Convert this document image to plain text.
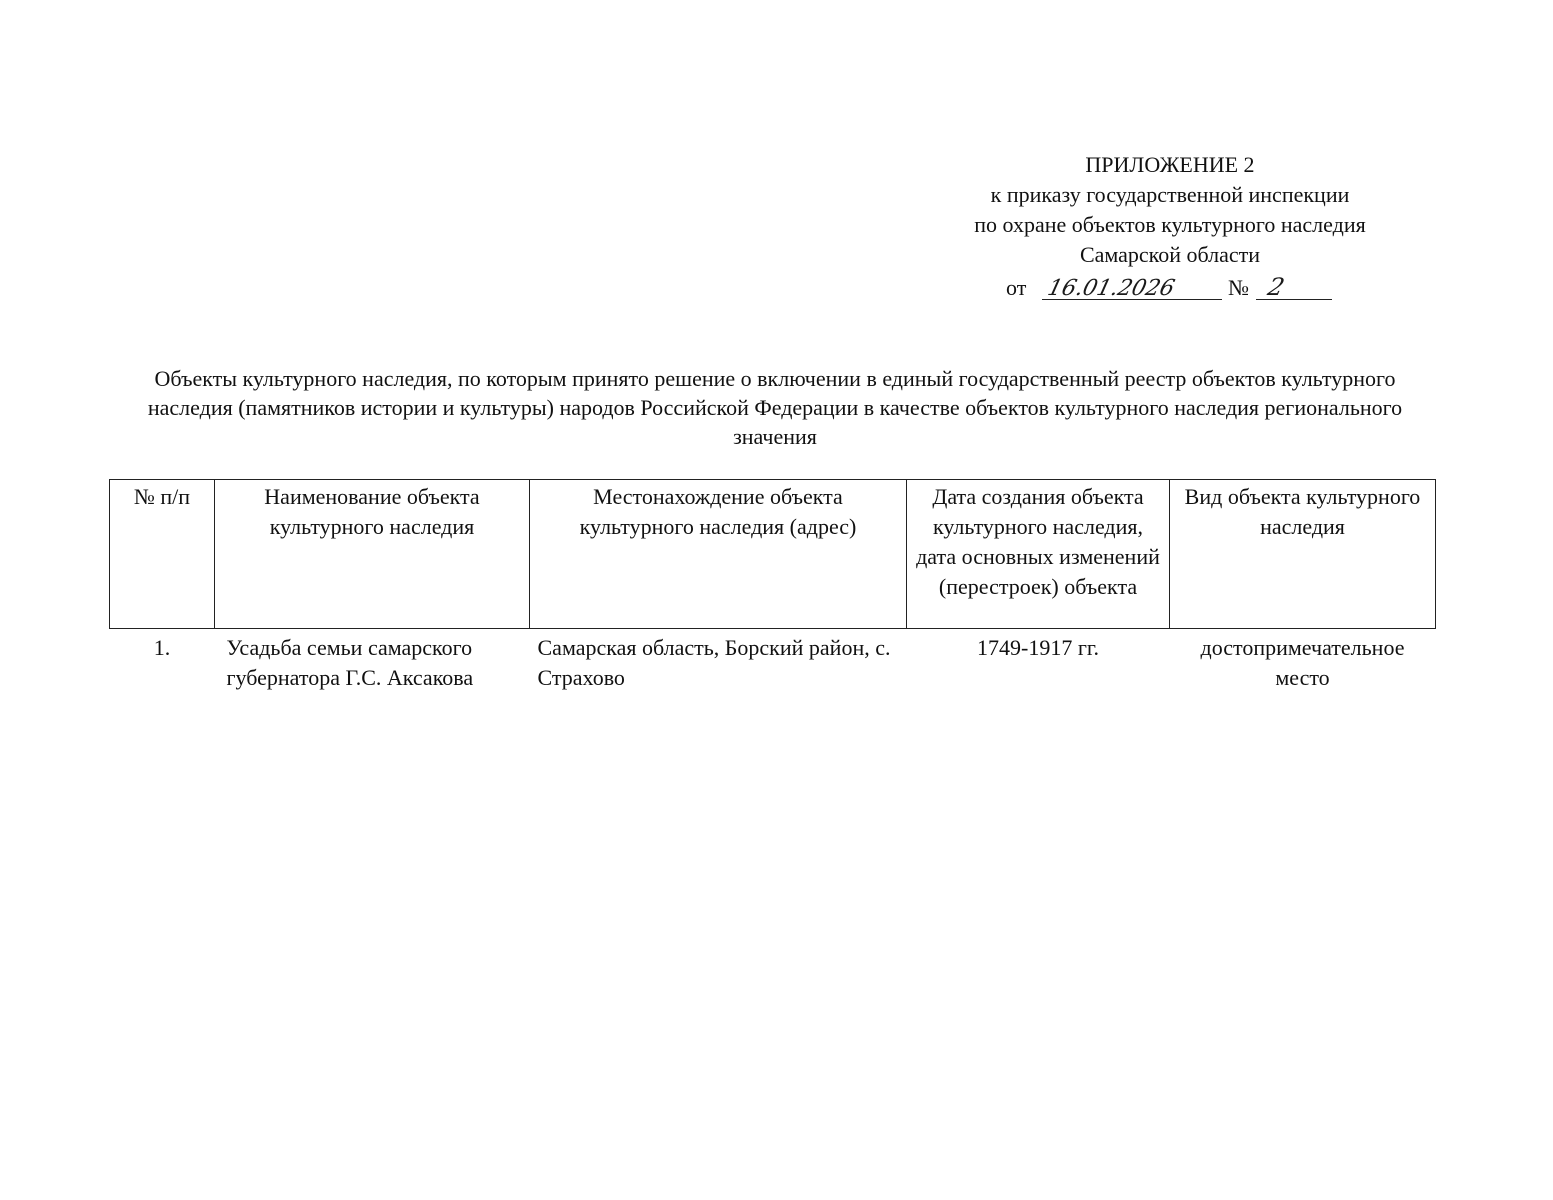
ПРИЛОЖЕНИЕ 2
к приказу государственной инспекции
по охране объектов культурного наследия
Самарской области
от 16.01.2026 № 2
Объекты культурного наследия, по которым принято решение о включении в единый государственный реестр объектов культурного наследия (памятников истории и культуры) народов Российской Федерации в качестве объектов культурного наследия регионального значения
№ п/п	Наименование объекта культурного наследия	Местонахождение объекта культурного наследия (адрес)	Дата создания объекта культурного наследия, дата основных изменений (перестроек) объекта	Вид объекта культурного наследия
1.	Усадьба семьи самарского губернатора Г.С. Аксакова	Самарская область, Борский район, с. Страхово	1749-1917 гг.	достопримечательное место
